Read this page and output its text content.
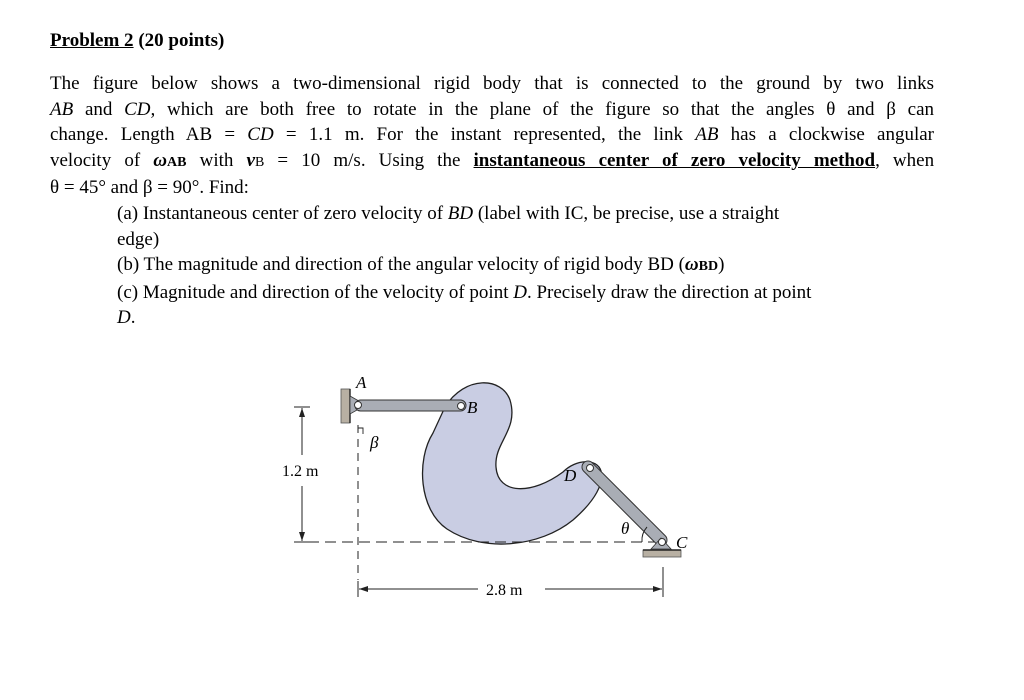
Problem 2 (20 points)
The figure below shows a two-dimensional rigid body that is connected to the ground by two links
AB and CD, which are both free to rotate in the plane of the figure so that the angles θ and β can
change. Length AB = CD = 1.1 m. For the instant represented, the link AB has a clockwise angular
velocity of ωAB with vB = 10 m/s. Using the instantaneous center of zero velocity method, when
θ = 45° and β = 90°. Find:
(a) Instantaneous center of zero velocity of BD (label with IC, be precise, use a straight
edge)
(b) The magnitude and direction of the angular velocity of rigid body BD (ωBD)
(c) Magnitude and direction of the velocity of point D. Precisely draw the direction at point
D.
A
B
D
C
β
θ
1.2 m
2.8 m
